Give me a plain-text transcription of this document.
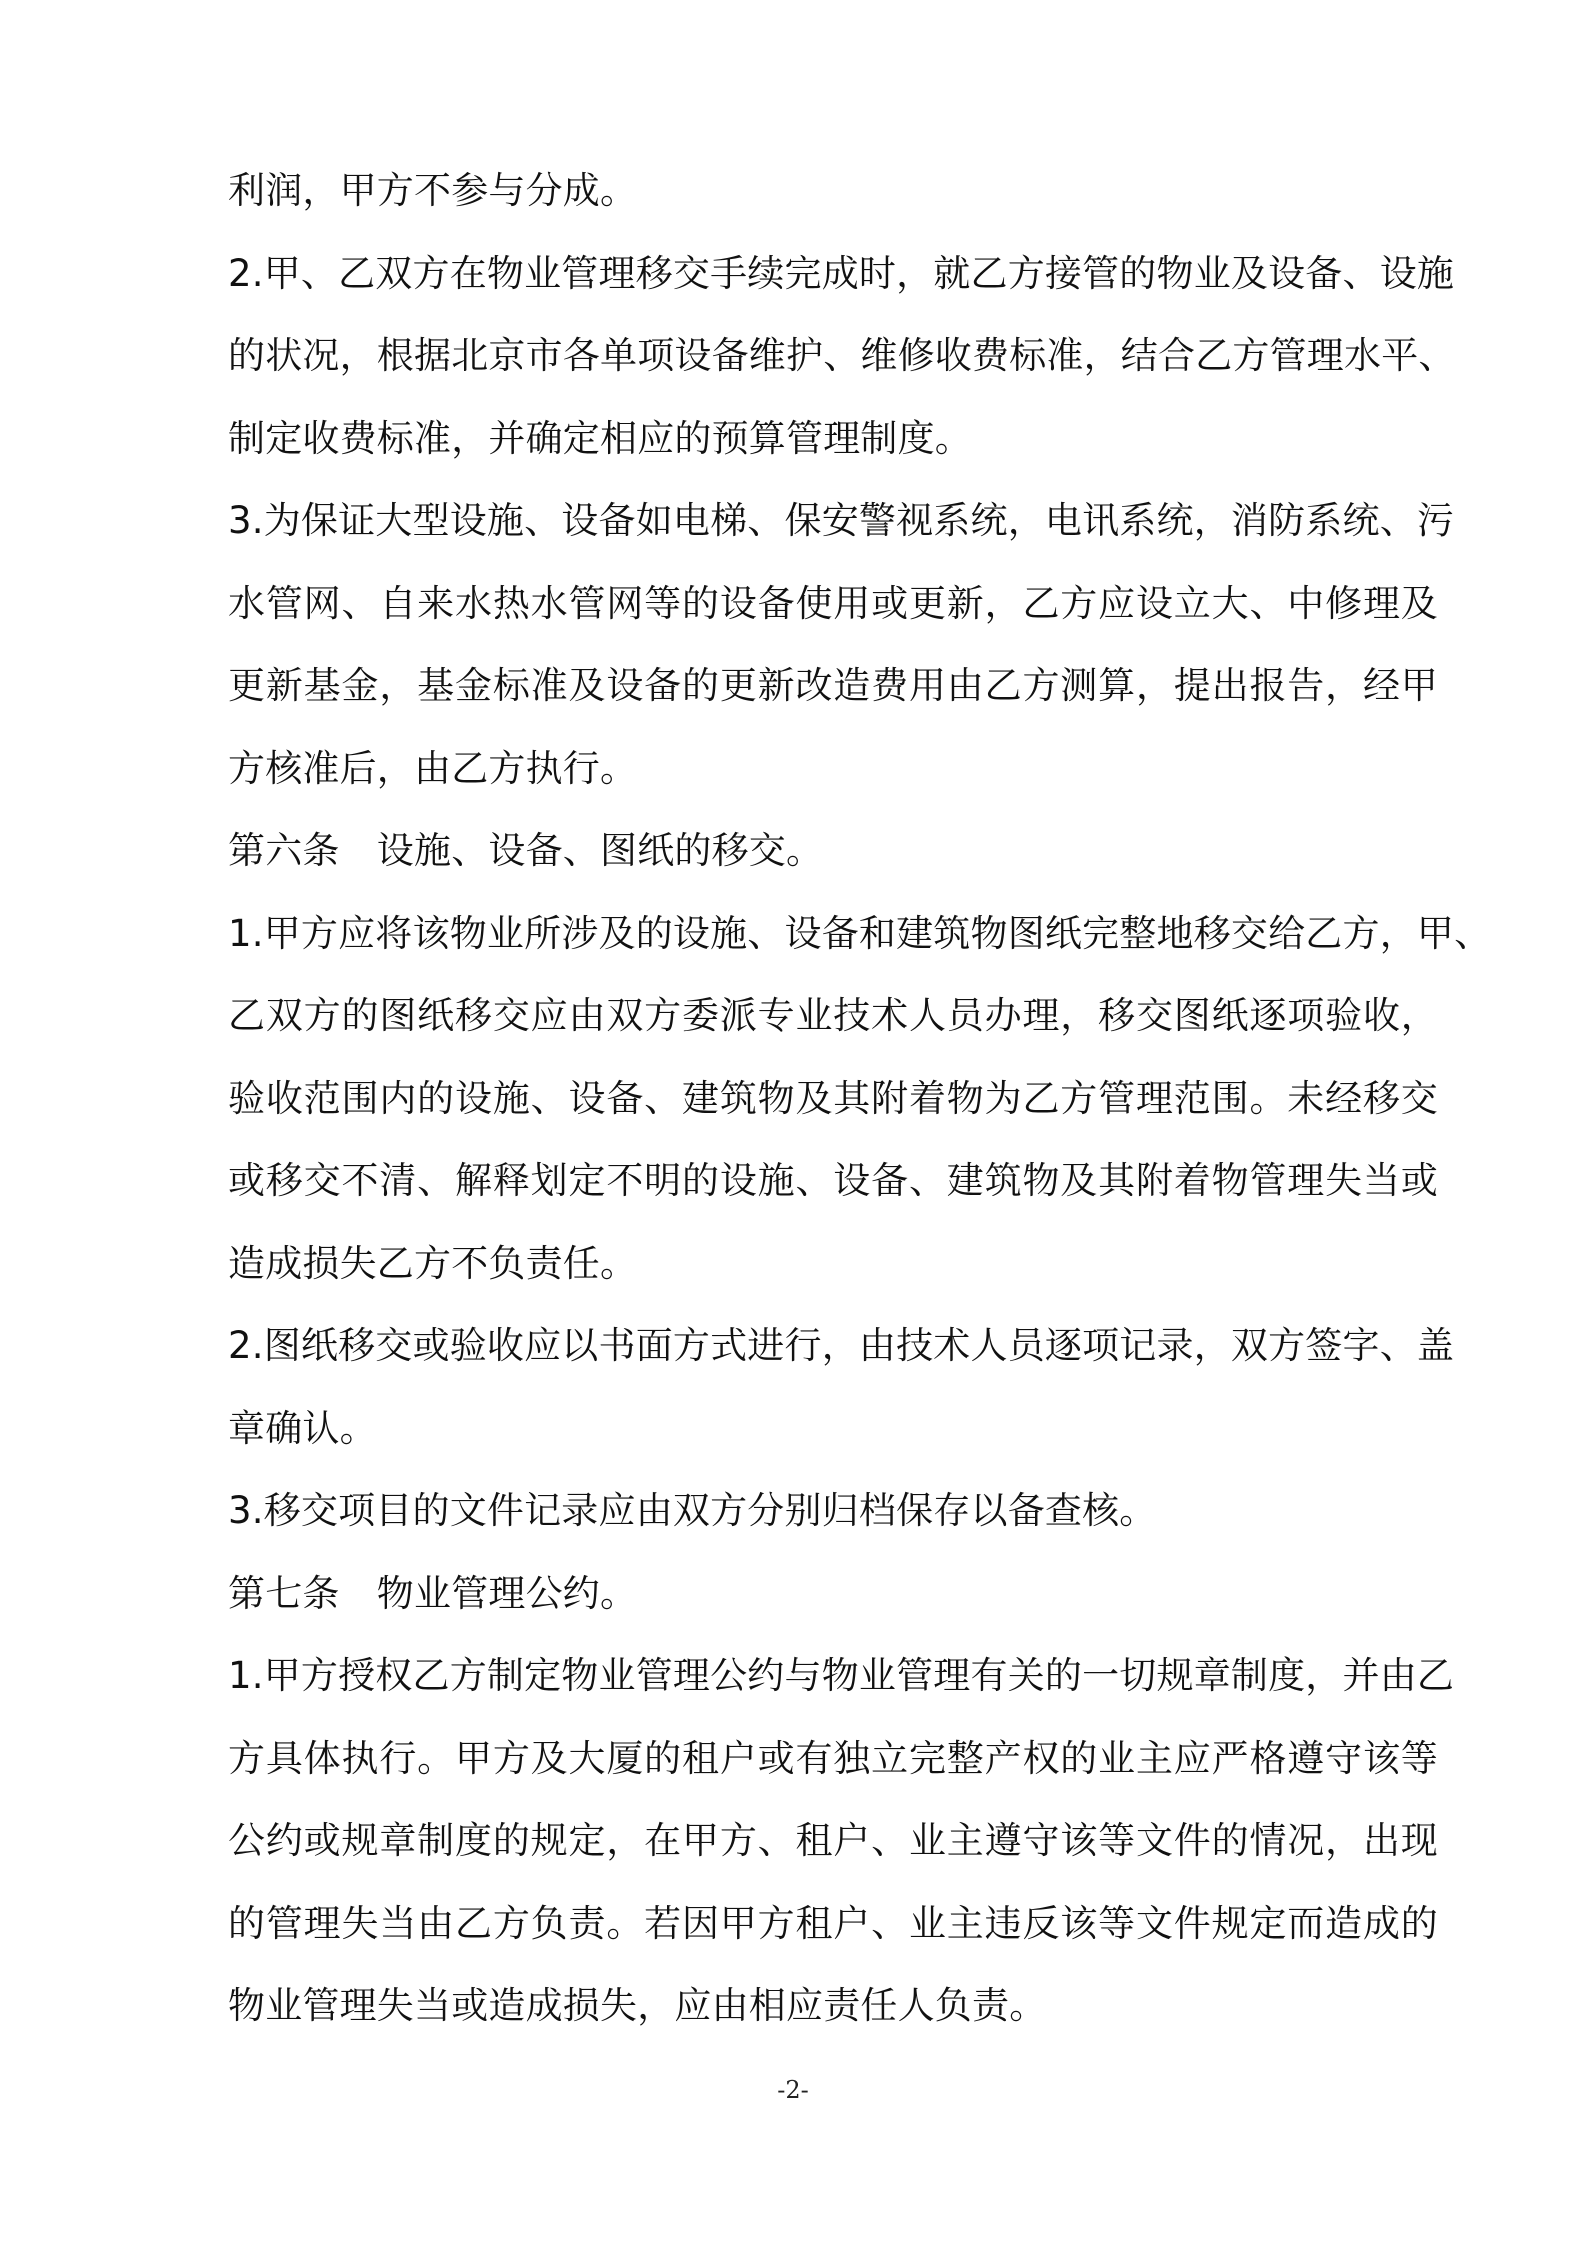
利润，甲方不参与分成。
2.甲、乙双方在物业管理移交手续完成时，就乙方接管的物业及设备、设施
的状况，根据北京市各单项设备维护、维修收费标准，结合乙方管理水平、
制定收费标准，并确定相应的预算管理制度。
3.为保证大型设施、设备如电梯、保安警视系统，电讯系统，消防系统、污
水管网、自来水热水管网等的设备使用或更新，乙方应设立大、中修理及
更新基金，基金标准及设备的更新改造费用由乙方测算，提出报告，经甲
方核准后，由乙方执行。
第六条　设施、设备、图纸的移交。
1.甲方应将该物业所涉及的设施、设备和建筑物图纸完整地移交给乙方，甲、
乙双方的图纸移交应由双方委派专业技术人员办理，移交图纸逐项验收，
验收范围内的设施、设备、建筑物及其附着物为乙方管理范围。未经移交
或移交不清、解释划定不明的设施、设备、建筑物及其附着物管理失当或
造成损失乙方不负责任。
2.图纸移交或验收应以书面方式进行，由技术人员逐项记录，双方签字、盖
章确认。
3.移交项目的文件记录应由双方分别归档保存以备查核。
第七条　物业管理公约。
1.甲方授权乙方制定物业管理公约与物业管理有关的一切规章制度，并由乙
方具体执行。甲方及大厦的租户或有独立完整产权的业主应严格遵守该等
公约或规章制度的规定，在甲方、租户、业主遵守该等文件的情况，出现
的管理失当由乙方负责。若因甲方租户、业主违反该等文件规定而造成的
物业管理失当或造成损失，应由相应责任人负责。
-2-
